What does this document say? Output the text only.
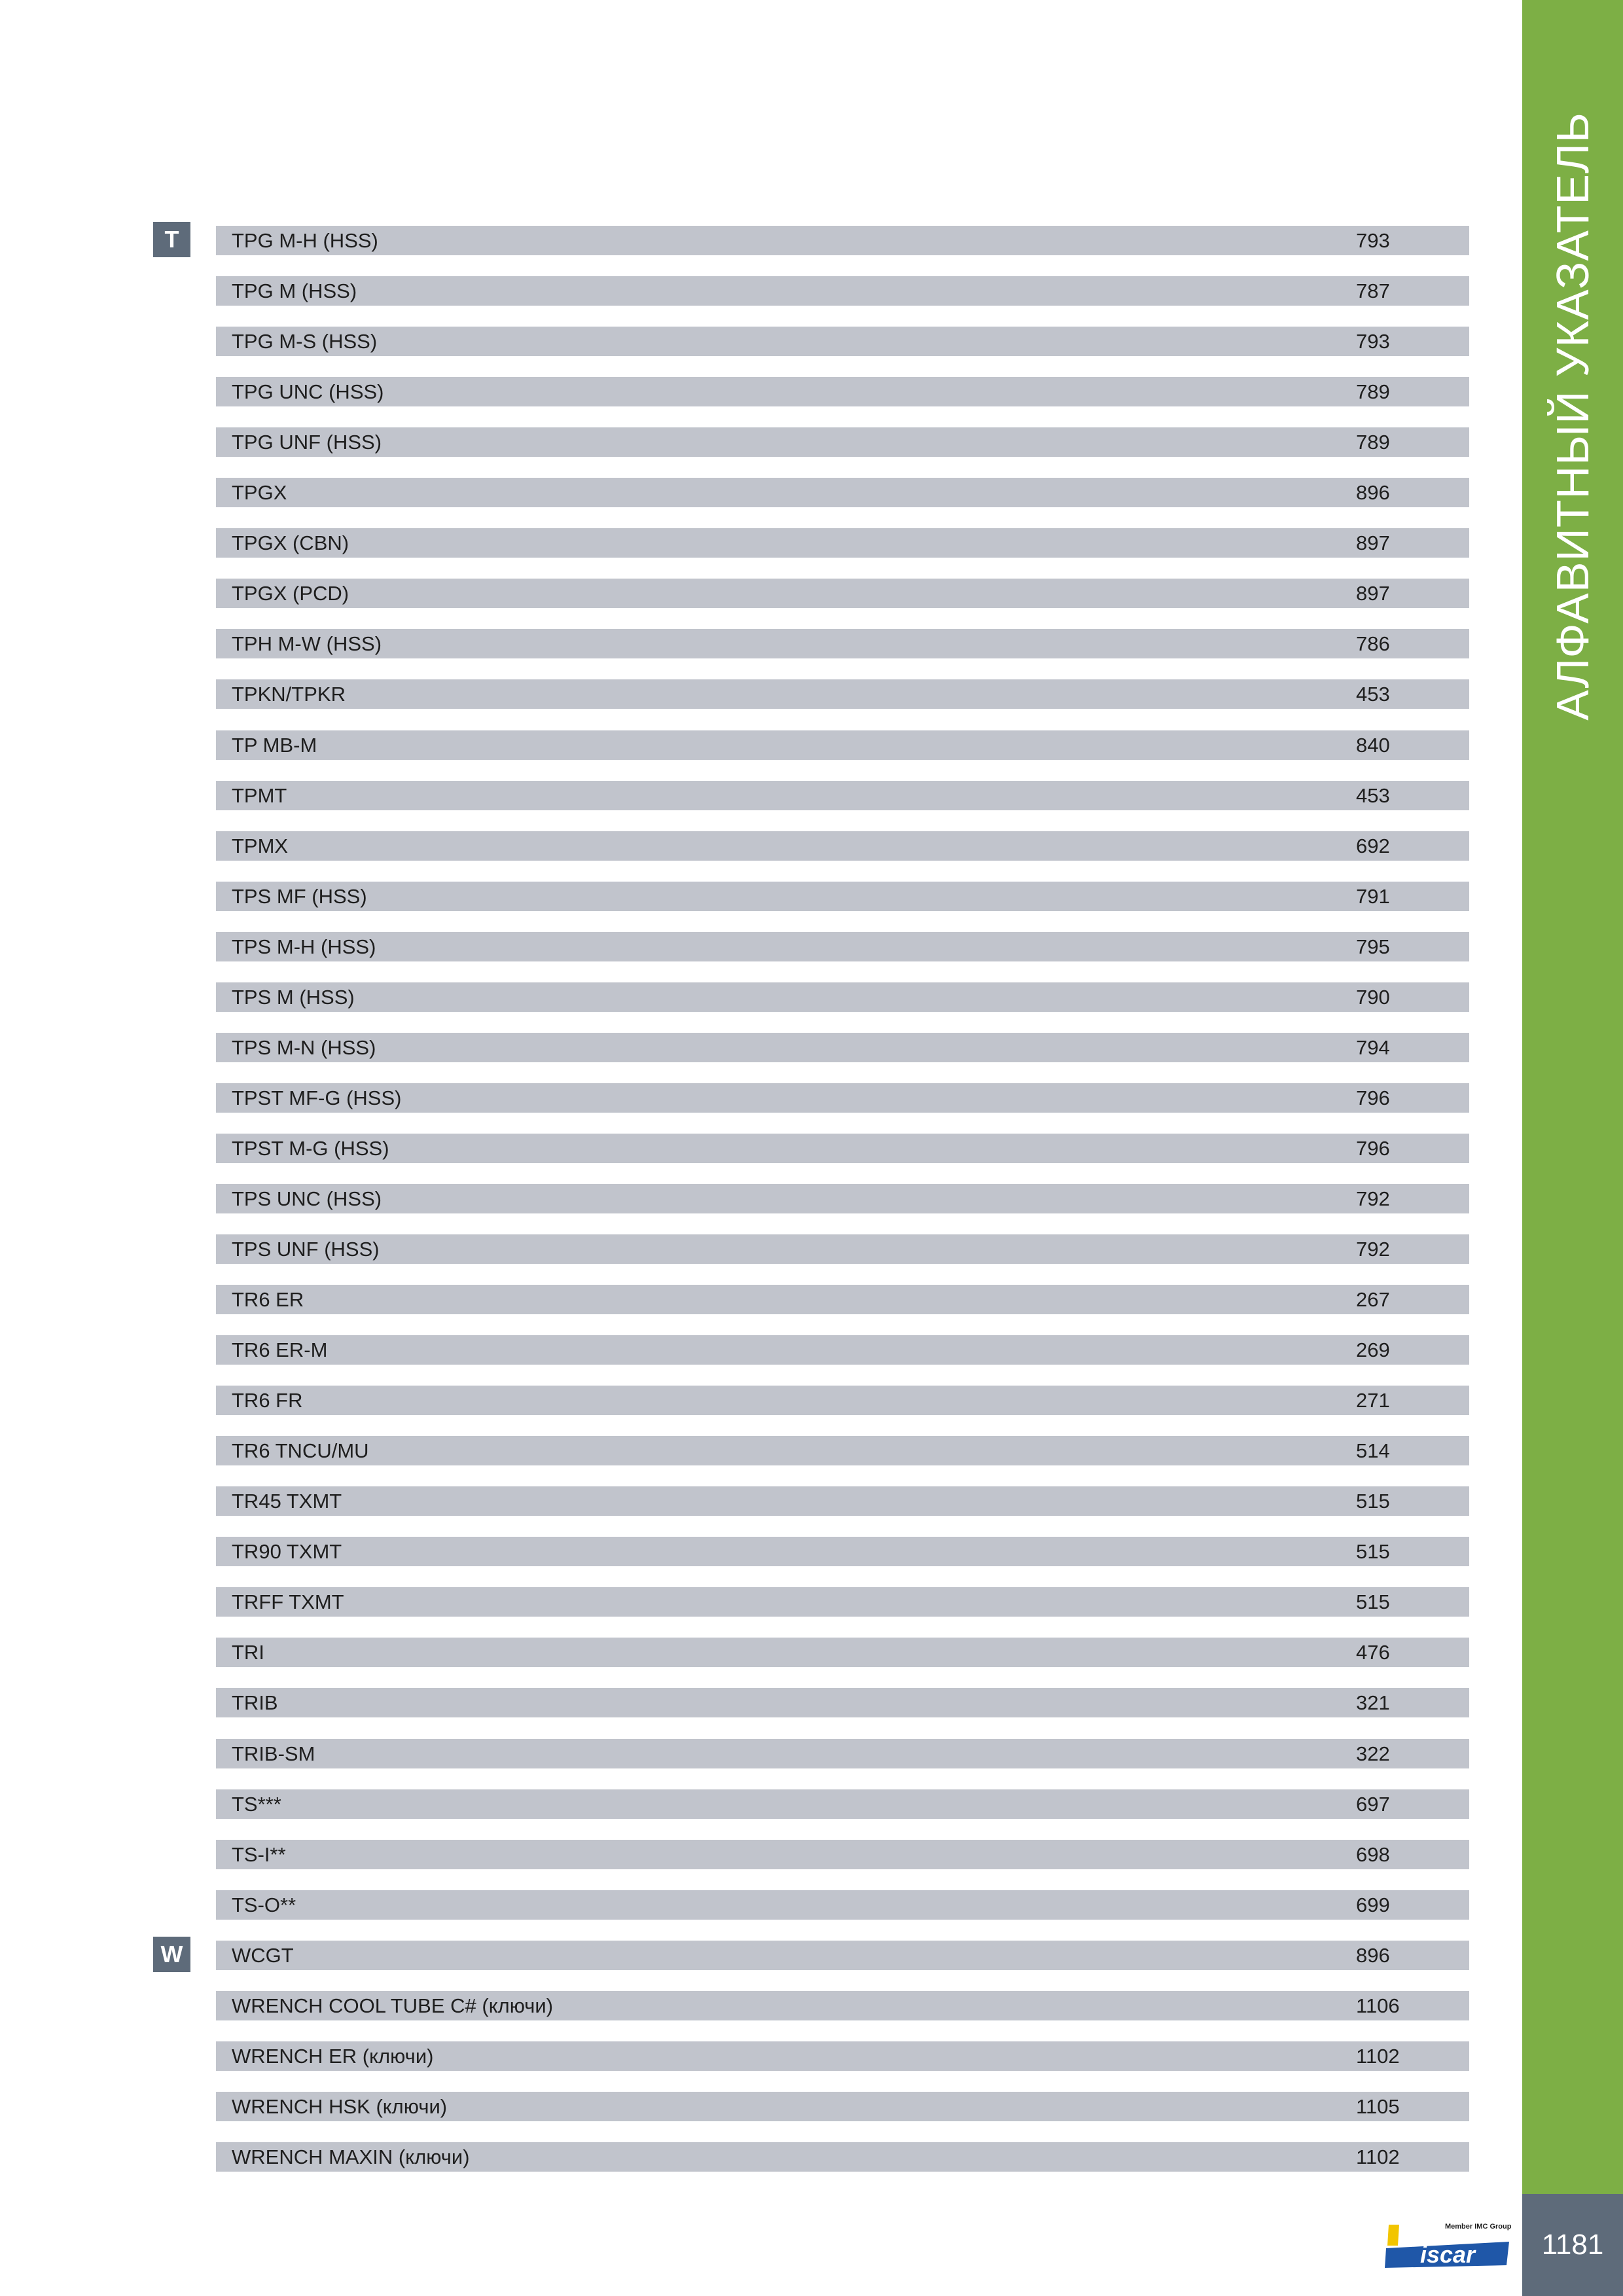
АЛФАВИТНЫЙ УКАЗАТЕЛЬ
T	TPG M-H (HSS)	793
TPG M (HSS)	787
TPG M-S (HSS)	793
TPG UNC (HSS)	789
TPG UNF (HSS)	789
TPGX	896
TPGX (CBN)	897
TPGX (PCD)	897
TPH M-W (HSS)	786
TPKN/TPKR	453
TP MB-M	840
TPMT	453
TPMX	692
TPS MF (HSS)	791
TPS M-H (HSS)	795
TPS M (HSS)	790
TPS M-N (HSS)	794
TPST MF-G (HSS)	796
TPST M-G (HSS)	796
TPS UNC (HSS)	792
TPS UNF (HSS)	792
TR6 ER	267
TR6 ER-M	269
TR6 FR	271
TR6 TNCU/MU	514
TR45 TXMT	515
TR90 TXMT	515
TRFF TXMT	515
TRI	476
TRIB	321
TRIB-SM	322
TS***	697
TS-I**	698
TS-O**	699
W	WCGT	896
WRENCH COOL TUBE C# (ключи)	1106
WRENCH ER (ключи)	1102
WRENCH HSK (ключи)	1105
WRENCH MAXIN (ключи)	1102
Member IMC Group
iscar	1181
